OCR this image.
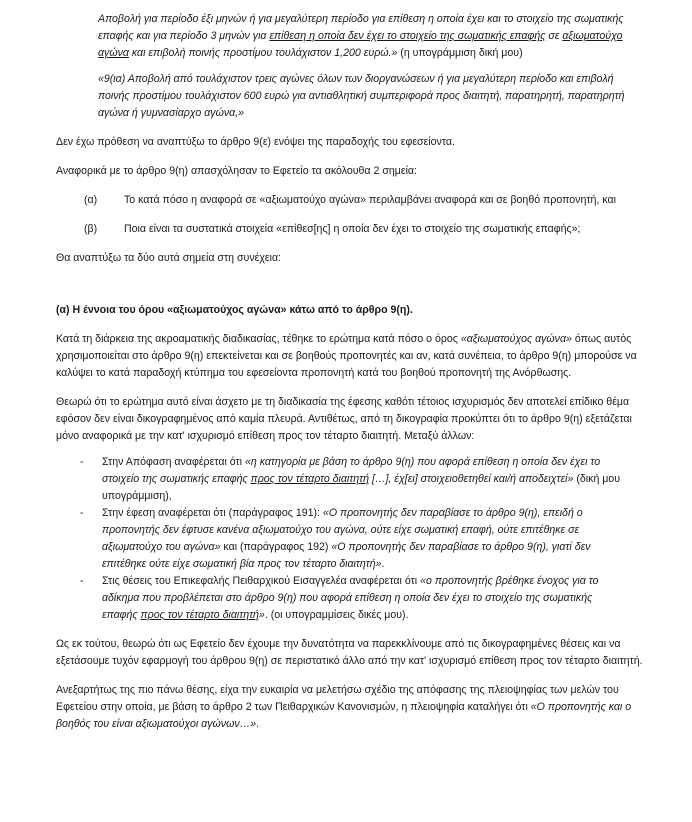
Αποβολή για περίοδο έξι μηνών ή για μεγαλύτερη περίοδο για επίθεση η οποία έχει και το στοιχείο της σωματικής επαφής και για περίοδο 3 μηνών για επίθεση η οποία δεν έχει το στοιχείο της σωματικής επαφής σε αξιωματούχο αγώνα και επιβολή ποινής προστίμου τουλάχιστον 1,200 ευρώ.» (η υπογράμμιση δική μου)

«9(ια) Αποβολή από τουλάχιστον τρεις αγώνες όλων των διοργανώσεων ή για μεγαλύτερη περίοδο και επιβολή ποινής προστίμου τουλάχιστον 600 ευρώ για αντιαθλητική συμπεριφορά προς διαιτητή, παρατηρητή, παρατηρητή αγώνα ή γυμνασίαρχο αγώνα,»

Δεν έχω πρόθεση να αναπτύξω το άρθρο 9(ε) ενόψει της παραδοχής του εφεσείοντα.

Αναφορικά με το άρθρο 9(η) απασχόλησαν το Εφετείο τα ακόλουθα 2 σημεία:

(α)	Το κατά πόσο η αναφορά σε «αξιωματούχο αγώνα» περιλαμβάνει αναφορά και σε βοηθό προπονητή, και
(β)	Ποια είναι τα συστατικά στοιχεία «επίθεσ[ης] η οποία δεν έχει το στοιχείο της σωματικής επαφής»;

Θα αναπτύξω τα δύο αυτά σημεία στη συνέχεια:

(α) Η έννοια του όρου «αξιωματούχος αγώνα» κάτω από το άρθρο 9(η).

Κατά τη διάρκεια της ακροαματικής διαδικασίας, τέθηκε το ερώτημα κατά πόσο ο όρος «αξιωματούχος αγώνα» όπως αυτός χρησιμοποιείται στο άρθρο 9(η) επεκτείνεται και σε βοηθούς προπονητές και αν, κατά συνέπεια, το άρθρο 9(η) μπορούσε να καλύψει το κατά παραδοχή κτύπημα του εφεσείοντα προπονητή κατά του βοηθού προπονητή της Ανόρθωσης.

Θεωρώ ότι το ερώτημα αυτό είναι άσχετο με τη διαδικασία της έφεσης καθότι τέτοιος ισχυρισμός δεν αποτελεί επίδικο θέμα εφόσον δεν είναι δικογραφημένος από καμία πλευρά. Αντιθέτως, από τη δικογραφία προκύπτει ότι το άρθρο 9(η) εξετάζεται μόνο αναφορικά με την κατ' ισχυρισμό επίθεση προς τον τέταρτο διαιτητή. Μεταξύ άλλων:

-	Στην Απόφαση αναφέρεται ότι «η κατηγορία με βάση το άρθρο 9(η) που αφορά επίθεση η οποία δεν έχει το στοιχείο της σωματικής επαφής προς τον τέταρτο διαιτητή […], έχ[ει] στοιχειοθετηθεί και/ή αποδειχτεί» (δική μου υπογράμμιση),
-	Στην έφεση αναφέρεται ότι (παράγραφος 191): «Ο προπονητής δεν παραβίασε το άρθρο 9(η), επειδή ο προπονητής δεν έφτυσε κανένα αξιωματούχο του αγώνα, ούτε είχε σωματική επαφή, ούτε επιτέθηκε σε αξιωματούχο του αγώνα» και (παράγραφος 192) «Ο προπονητής δεν παραβίασε το άρθρο 9(η), γιατί δεν επιτέθηκε ούτε είχε σωματική βία προς τον τέταρτο διαιτητή».
-	Στις θέσεις του Επικεφαλής Πειθαρχικού Εισαγγελέα αναφέρεται ότι «ο προπονητής βρέθηκε ένοχος για το αδίκημα που προβλέπεται στο άρθρο 9(η) που αφορά επίθεση η οποία δεν έχει το στοιχείο της σωματικής επαφής προς τον τέταρτο διαιτητή». (οι υπογραμμίσεις δικές μου).

Ως εκ τούτου, θεωρώ ότι ως Εφετείο δεν έχουμε την δυνατότητα να παρεκκλίνουμε από τις δικογραφημένες θέσεις και να εξετάσουμε τυχόν εφαρμογή του άρθρου 9(η) σε περιστατικό άλλο από την κατ' ισχυρισμό επίθεση προς τον τέταρτο διαιτητή.

Ανεξαρτήτως της πιο πάνω θέσης, είχα την ευκαιρία να μελετήσω σχέδιο της απόφασης της πλειοψηφίας των μελών του Εφετείου στην οποία, με βάση το άρθρο 2 των Πειθαρχικών Κανονισμών, η πλειοψηφία καταλήγει ότι «Ο προπονητής και ο βοηθός του είναι αξιωματούχοι αγώνων…».
